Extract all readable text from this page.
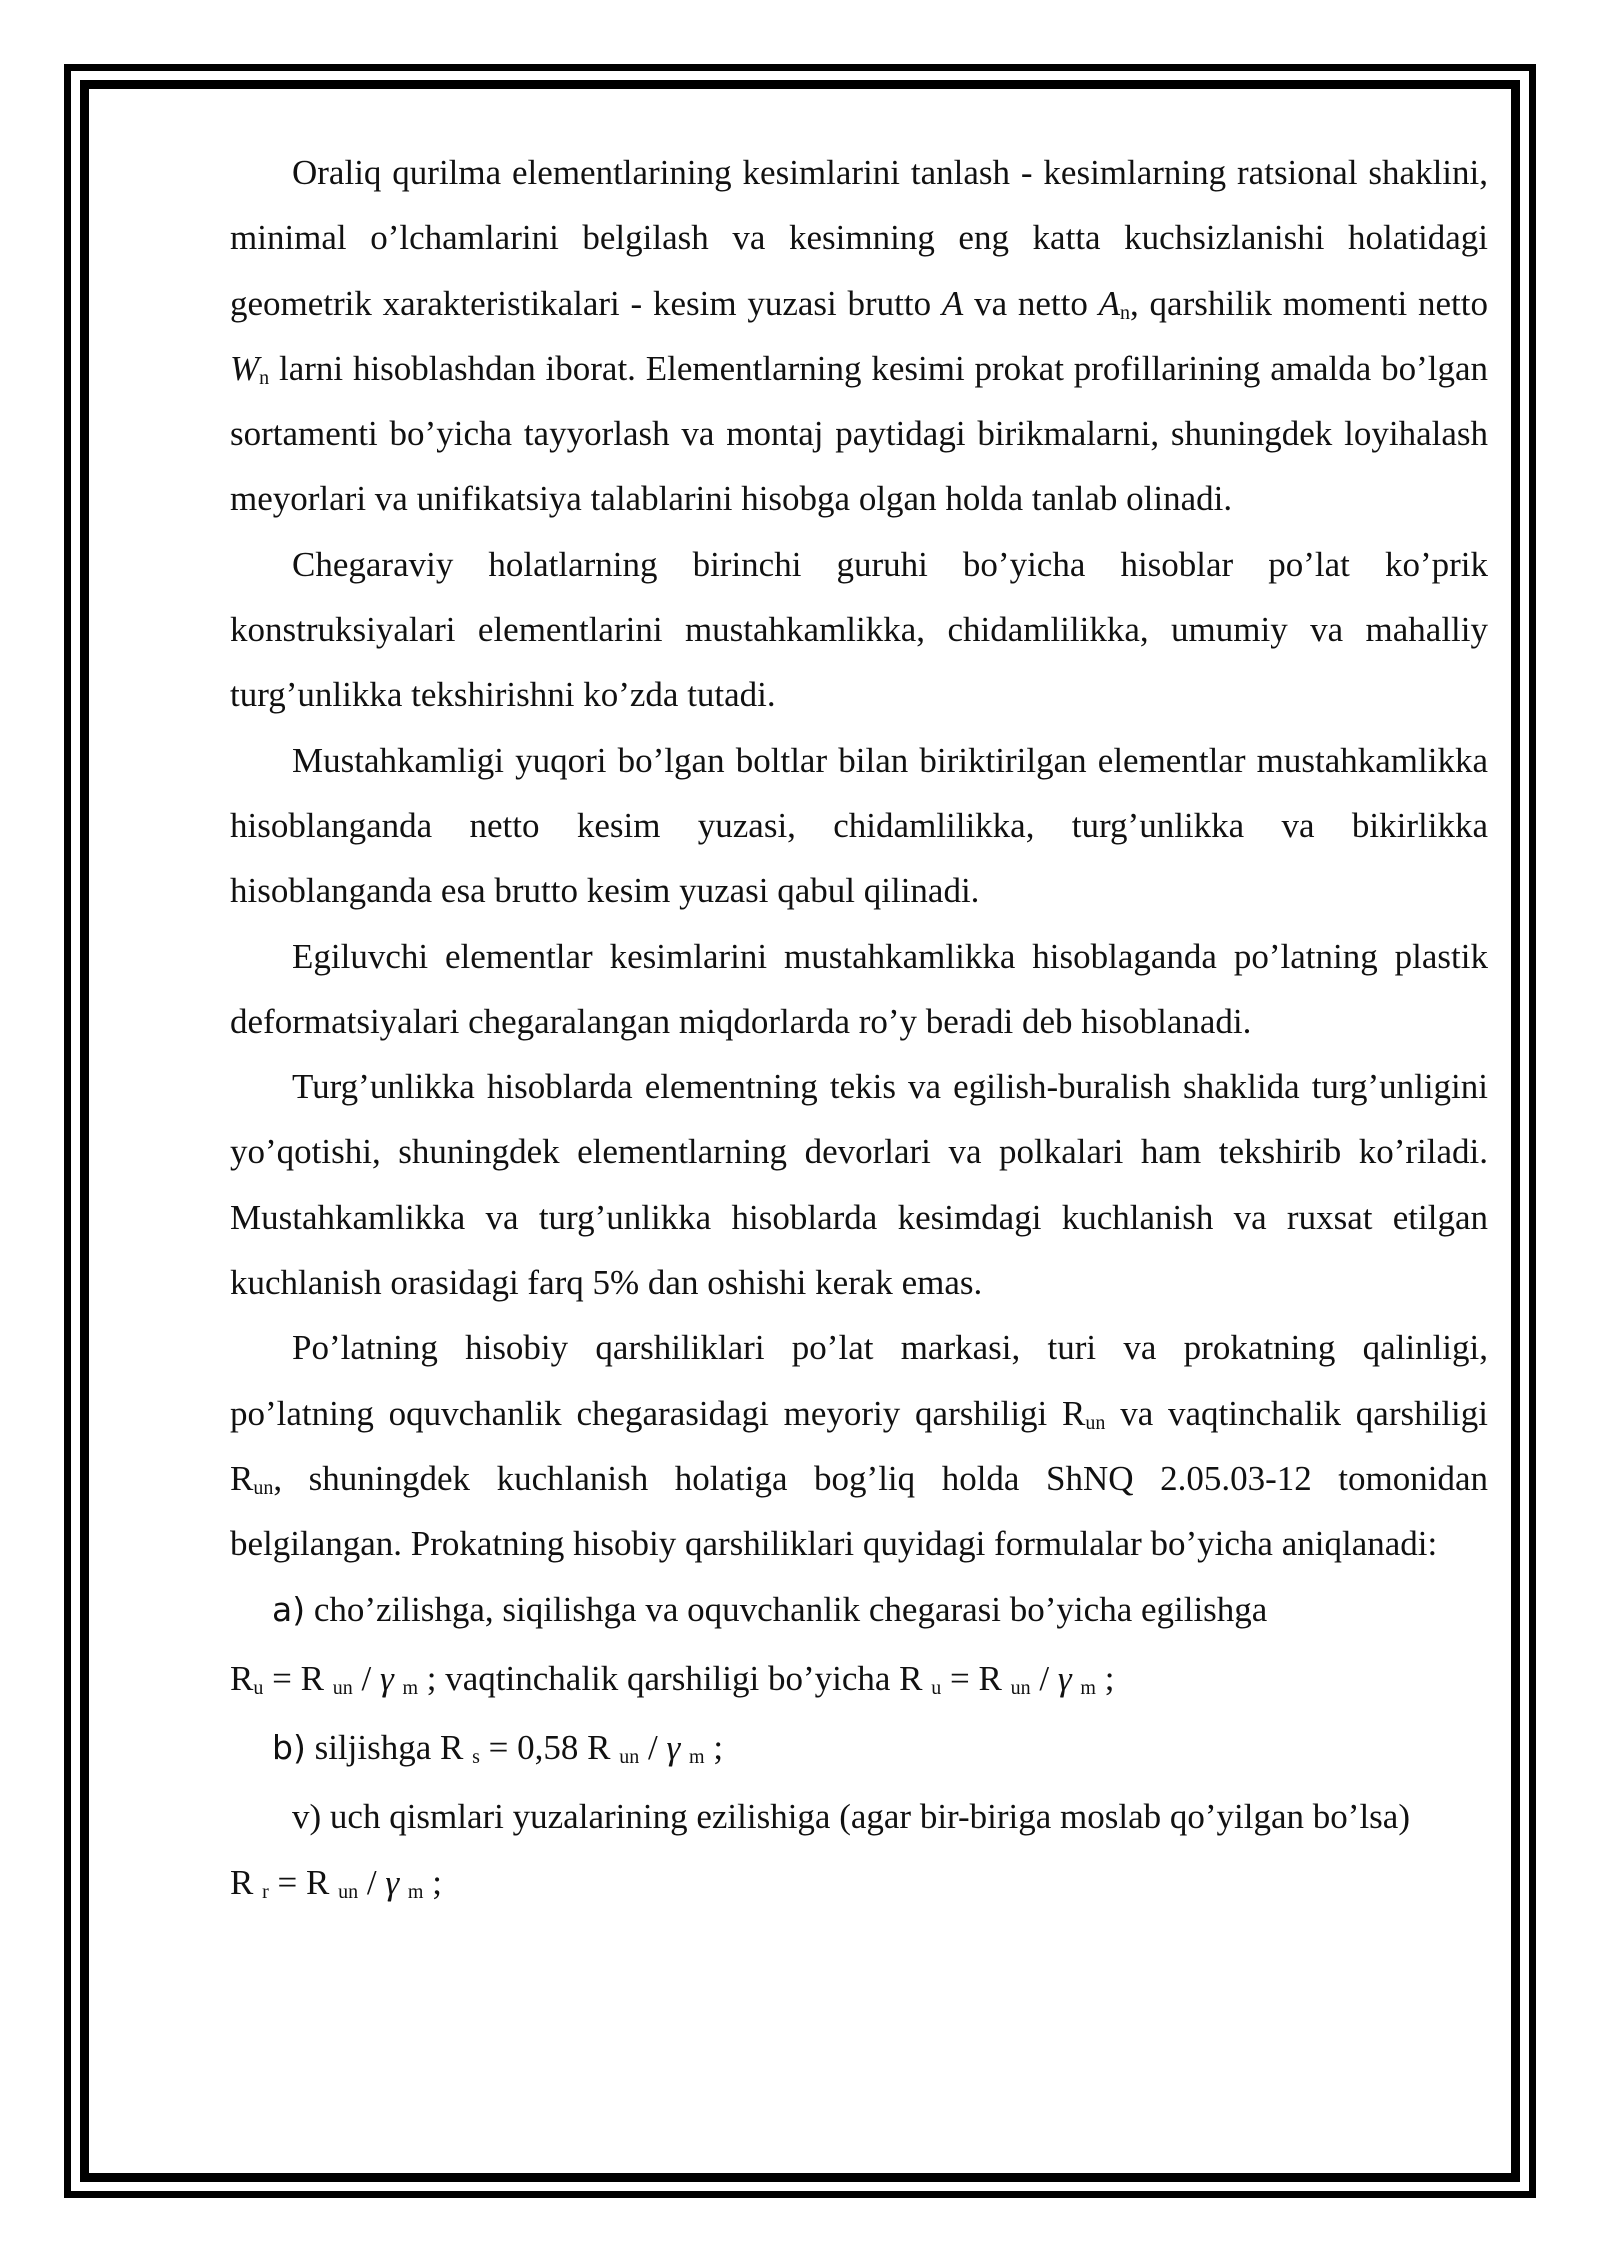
Oraliq qurilma elementlarining kesimlarini tanlash - kesimlarning ratsional shaklini, minimal o’lchamlarini belgilash va kesimning eng katta kuchsizlanishi holatidagi geometrik xarakteristikalari - kesim yuzasi brutto A va netto $A_n$, qarshilik momenti netto $W_n$ larni hisoblashdan iborat. Elementlarning kesimi prokat profillarining amalda bo’lgan sortamenti bo’yicha tayyorlash va montaj paytidagi birikmalarni, shuningdek loyihalash meyorlari va unifikatsiya talablarini hisobga olgan holda tanlab olinadi.

Chegaraviy holatlarning birinchi guruhi bo’yicha hisoblar po’lat ko’prik konstruksiyalari elementlarini mustahkamlikka, chidamlilikka, umumiy va mahalliy turg’unlikka tekshirishni ko’zda tutadi.

Mustahkamligi yuqori bo’lgan boltlar bilan biriktirilgan elementlar mustahkamlikka hisoblanganda netto kesim yuzasi, chidamlilikka, turg’unlikka va bikirlikka hisoblanganda esa brutto kesim yuzasi qabul qilinadi.

Egiluvchi elementlar kesimlarini mustahkamlikka hisoblaganda po’latning plastik deformatsiyalari chegaralangan miqdorlarda ro’y beradi deb hisoblanadi.

Turg’unlikka hisoblarda elementning tekis va egilish-buralish shaklida turg’unligini yo’qotishi, shuningdek elementlarning devorlari va polkalari ham tekshirib ko’riladi. Mustahkamlikka va turg’unlikka hisoblarda kesimdagi kuchlanish va ruxsat etilgan kuchlanish orasidagi farq 5% dan oshishi kerak emas.

Po’latning hisobiy qarshiliklari po’lat markasi, turi va prokatning qalinligi, po’latning oquvchanlik chegarasidagi meyoriy qarshiligi $R_{un}$ va vaqtinchalik qarshiligi $R_{un}$, shuningdek kuchlanish holatiga bog’liq holda ShNQ 2.05.03-12 tomonidan belgilangan. Prokatning hisobiy qarshiliklari quyidagi formulalar bo’yicha aniqlanadi:

a) cho’zilishga, siqilishga va oquvchanlik chegarasi bo’yicha egilishga

$R_u = R$ $_{un}$ / γ $_m$ ; vaqtinchalik qarshiligi bo’yicha R $_u$ = R $_{un}$ / γ $_m$ ;

b) siljishga R $_s$ = 0,58 R $_{un}$ / γ $_m$ ;

v) uch qismlari yuzalarining ezilishiga (agar bir-biriga moslab qo’yilgan bo’lsa)

R $_r$ = R $_{un}$ / γ $_m$ ;
